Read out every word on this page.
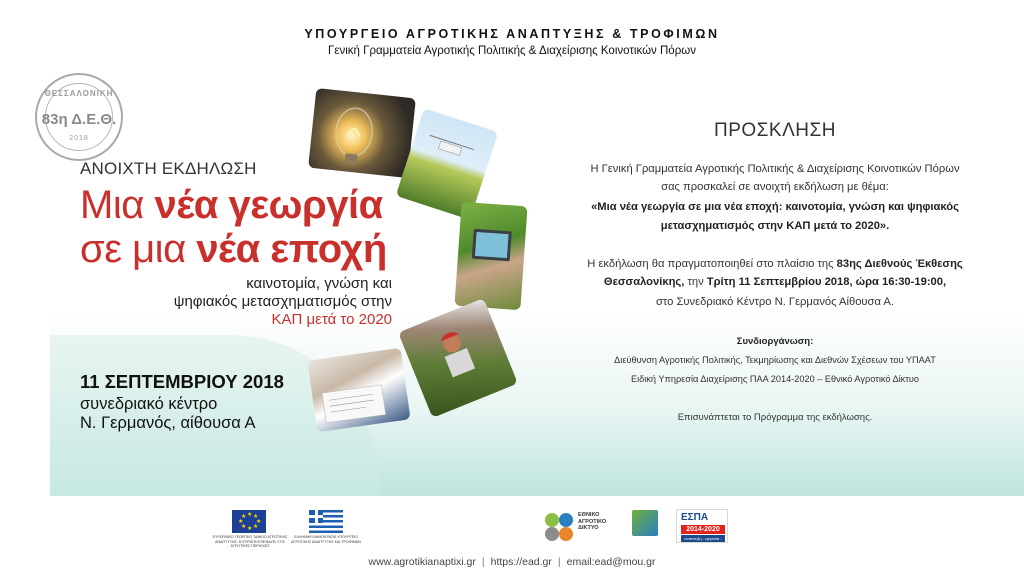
ΥΠΟΥΡΓΕΙΟ ΑΓΡΟΤΙΚΗΣ ΑΝΑΠΤΥΞΗΣ & ΤΡΟΦΙΜΩΝ
Γενική Γραμματεία Αγροτικής Πολιτικής & Διαχείρισης Κοινοτικών Πόρων
ΘΕΣΣΑΛΟΝΙΚΗ
83η Δ.Ε.Θ.
2018
ΑΝΟΙΧΤΗ ΕΚΔΗΛΩΣΗ
Μια νέα γεωργία
σε μια νέα εποχή
καινοτομία, γνώση και
ψηφιακός μετασχηματισμός στην
ΚΑΠ μετά το 2020
11 ΣΕΠΤΕΜΒΡΙΟΥ 2018
συνεδριακό κέντρο
Ν. Γερμανός, αίθουσα Α
ΠΡΟΣΚΛΗΣΗ
Η Γενική Γραμματεία Αγροτικής Πολιτικής & Διαχείρισης Κοινοτικών Πόρων
σας προσκαλεί σε ανοιχτή εκδήλωση με θέμα:
«Μια νέα γεωργία σε μια νέα εποχή: καινοτομία, γνώση και ψηφιακός
μετασχηματισμός στην ΚΑΠ μετά το 2020».
Η εκδήλωση θα πραγματοποιηθεί στο πλαίσιο της 83ης Διεθνούς Έκθεσης
Θεσσαλονίκης, την Τρίτη 11 Σεπτεμβρίου 2018, ώρα 16:30-19:00,
στο Συνεδριακό Κέντρο Ν. Γερμανός Αίθουσα Α.
Συνδιοργάνωση:
Διεύθυνση Αγροτικής Πολιτικής, Τεκμηρίωσης και Διεθνών Σχέσεων του ΥΠΑΑΤ
Ειδική Υπηρεσία Διαχείρισης ΠΑΑ 2014-2020 – Εθνικό Αγροτικό Δίκτυο
Επισυνάπτεται το Πρόγραμμα της εκδήλωσης.
★ ★
★
★
★
★
★
★
ΕΥΡΩΠΑΪΚΟ ΓΕΩΡΓΙΚΟ ΤΑΜΕΙΟ ΑΓΡΟΤΙΚΗΣ ΑΝΑΠΤΥΞΗΣ: Η ΕΥΡΩΠΗ ΕΠΕΝΔΥΕΙ ΣΤΙΣ ΑΓΡΟΤΙΚΕΣ ΠΕΡΙΟΧΕΣ
ΕΛΛΗΝΙΚΗ ΔΗΜΟΚΡΑΤΙΑ ΥΠΟΥΡΓΕΙΟ ΑΓΡΟΤΙΚΗΣ ΑΝΑΠΤΥΞΗΣ ΚΑΙ ΤΡΟΦΙΜΩΝ
ΕΘΝΙΚΟ
ΑΓΡΟΤΙΚΟ
ΔΙΚΤΥΟ
ΕΣΠΑ
2014-2020
ανάπτυξη - εργασία - αλληλεγγύη
www.agrotikianaptixi.gr | https://ead.gr | email:ead@mou.gr
